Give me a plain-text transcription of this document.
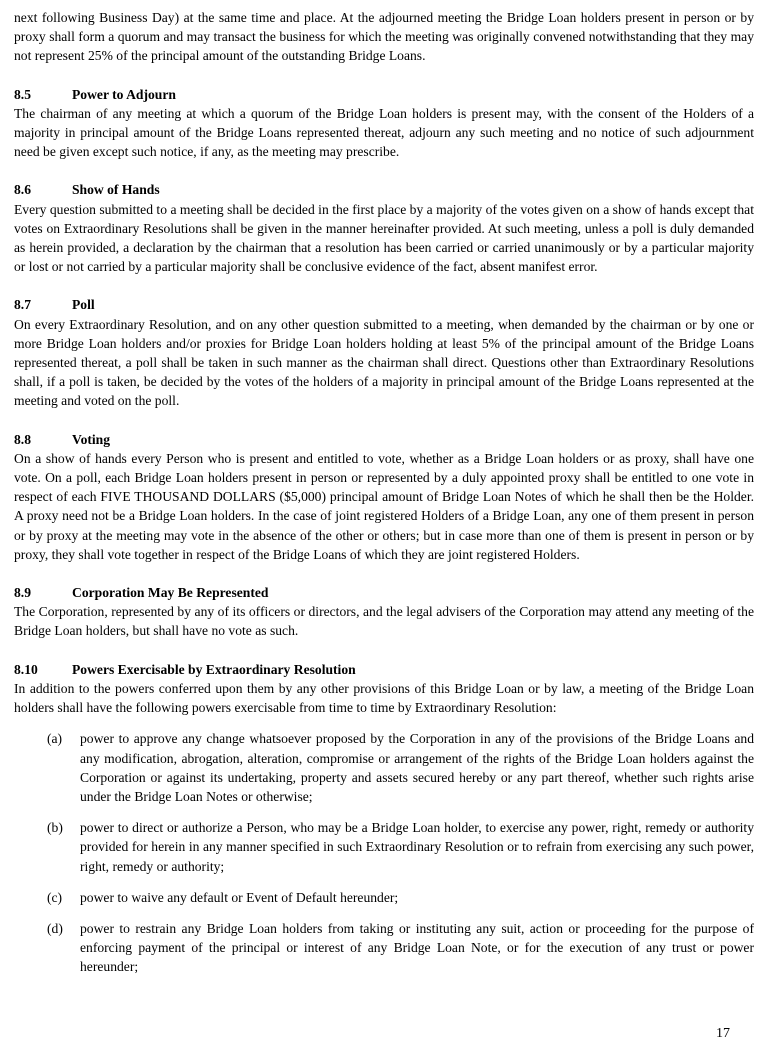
next following Business Day) at the same time and place. At the adjourned meeting the Bridge Loan holders present in person or by proxy shall form a quorum and may transact the business for which the meeting was originally convened notwithstanding that they may not represent 25% of the principal amount of the outstanding Bridge Loans.

8.5	Power to Adjourn

The chairman of any meeting at which a quorum of the Bridge Loan holders is present may, with the consent of the Holders of a majority in principal amount of the Bridge Loans represented thereat, adjourn any such meeting and no notice of such adjournment need be given except such notice, if any, as the meeting may prescribe.

8.6	Show of Hands

Every question submitted to a meeting shall be decided in the first place by a majority of the votes given on a show of hands except that votes on Extraordinary Resolutions shall be given in the manner hereinafter provided. At such meeting, unless a poll is duly demanded as herein provided, a declaration by the chairman that a resolution has been carried or carried unanimously or by a particular majority or lost or not carried by a particular majority shall be conclusive evidence of the fact, absent manifest error.

8.7	Poll

On every Extraordinary Resolution, and on any other question submitted to a meeting, when demanded by the chairman or by one or more Bridge Loan holders and/or proxies for Bridge Loan holders holding at least 5% of the principal amount of the Bridge Loans represented thereat, a poll shall be taken in such manner as the chairman shall direct. Questions other than Extraordinary Resolutions shall, if a poll is taken, be decided by the votes of the holders of a majority in principal amount of the Bridge Loans represented at the meeting and voted on the poll.

8.8	Voting

On a show of hands every Person who is present and entitled to vote, whether as a Bridge Loan holders or as proxy, shall have one vote. On a poll, each Bridge Loan holders present in person or represented by a duly appointed proxy shall be entitled to one vote in respect of each FIVE THOUSAND DOLLARS ($5,000) principal amount of Bridge Loan Notes of which he shall then be the Holder. A proxy need not be a Bridge Loan holders. In the case of joint registered Holders of a Bridge Loan, any one of them present in person or by proxy at the meeting may vote in the absence of the other or others; but in case more than one of them is present in person or by proxy, they shall vote together in respect of the Bridge Loans of which they are joint registered Holders.

8.9	Corporation May Be Represented

The Corporation, represented by any of its officers or directors, and the legal advisers of the Corporation may attend any meeting of the Bridge Loan holders, but shall have no vote as such.

8.10	Powers Exercisable by Extraordinary Resolution

In addition to the powers conferred upon them by any other provisions of this Bridge Loan or by law, a meeting of the Bridge Loan holders shall have the following powers exercisable from time to time by Extraordinary Resolution:

(a)	power to approve any change whatsoever proposed by the Corporation in any of the provisions of the Bridge Loans and any modification, abrogation, alteration, compromise or arrangement of the rights of the Bridge Loan holders against the Corporation or against its undertaking, property and assets secured hereby or any part thereof, whether such rights arise under the Bridge Loan Notes or otherwise;

(b)	power to direct or authorize a Person, who may be a Bridge Loan holder, to exercise any power, right, remedy or authority provided for herein in any manner specified in such Extraordinary Resolution or to refrain from exercising any such power, right, remedy or authority;

(c)	power to waive any default or Event of Default hereunder;

(d)	power to restrain any Bridge Loan holders from taking or instituting any suit, action or proceeding for the purpose of enforcing payment of the principal or interest of any Bridge Loan Note, or for the execution of any trust or power hereunder;

17
